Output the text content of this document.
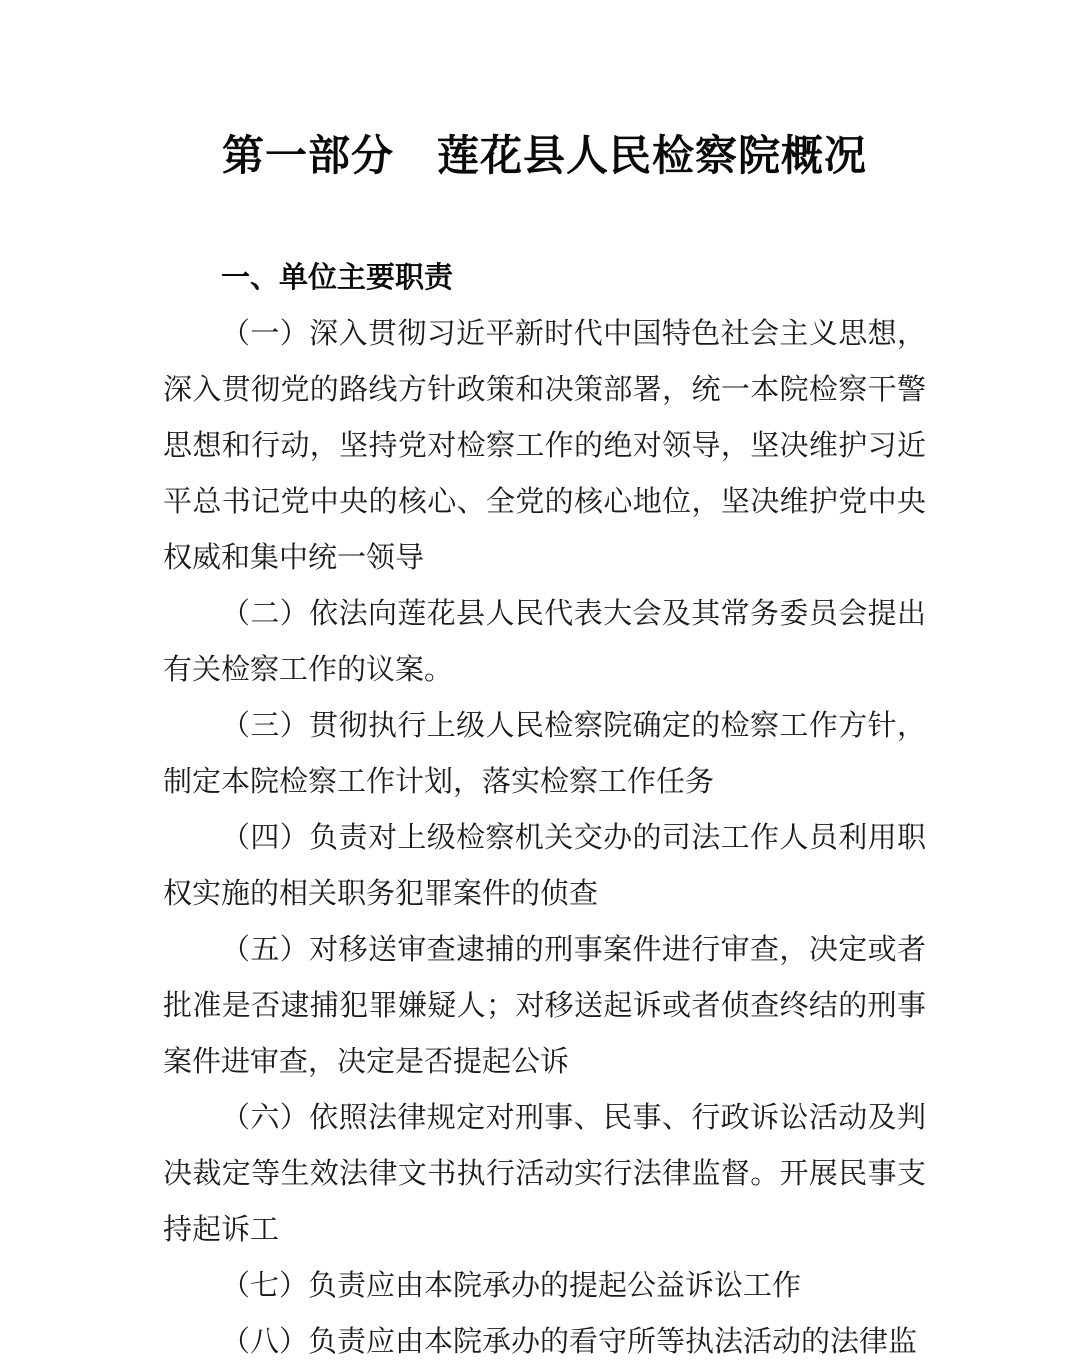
第一部分　莲花县人民检察院概况
一、单位主要职责

（一）深入贯彻习近平新时代中国特色社会主义思想，深入贯彻党的路线方针政策和决策部署，统一本院检察干警思想和行动，坚持党对检察工作的绝对领导，坚决维护习近平总书记党中央的核心、全党的核心地位，坚决维护党中央权威和集中统一领导

（二）依法向莲花县人民代表大会及其常务委员会提出有关检察工作的议案。

（三）贯彻执行上级人民检察院确定的检察工作方针，制定本院检察工作计划，落实检察工作任务

（四）负责对上级检察机关交办的司法工作人员利用职权实施的相关职务犯罪案件的侦查

（五）对移送审查逮捕的刑事案件进行审查，决定或者批准是否逮捕犯罪嫌疑人；对移送起诉或者侦查终结的刑事案件进审查，决定是否提起公诉

（六）依照法律规定对刑事、民事、行政诉讼活动及判决裁定等生效法律文书执行活动实行法律监督。开展民事支持起诉工

（七）负责应由本院承办的提起公益诉讼工作

（八）负责应由本院承办的看守所等执法活动的法律监
